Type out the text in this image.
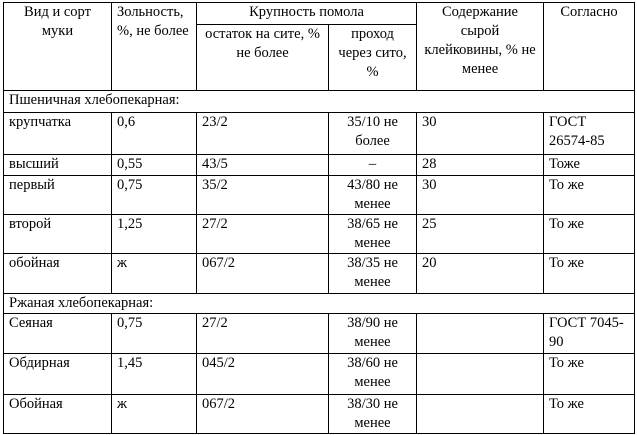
Вид и сорт муки	Зольность, %, не более	Крупность помола		Содержание сырой клейковины, % не менее	Согласно
		остаток на сите, % не более	проход через сито, %		
Пшеничная хлебопекарная:					
крупчатка	0,6	23/2	35/10 не более	30	ГОСТ 26574-85
высший	0,55	43/5	–	28	Тоже
первый	0,75	35/2	43/80 не менее	30	То же
второй	1,25	27/2	38/65 не менее	25	То же
обойная	ж	067/2	38/35 не менее	20	То же
Ржаная хлебопекарная:					
Сеяная	0,75	27/2	38/90 не менее		ГОСТ 7045-90
Обдирная	1,45	045/2	38/60 не менее		То же
Обойная	ж	067/2	38/30 не менее		То же
